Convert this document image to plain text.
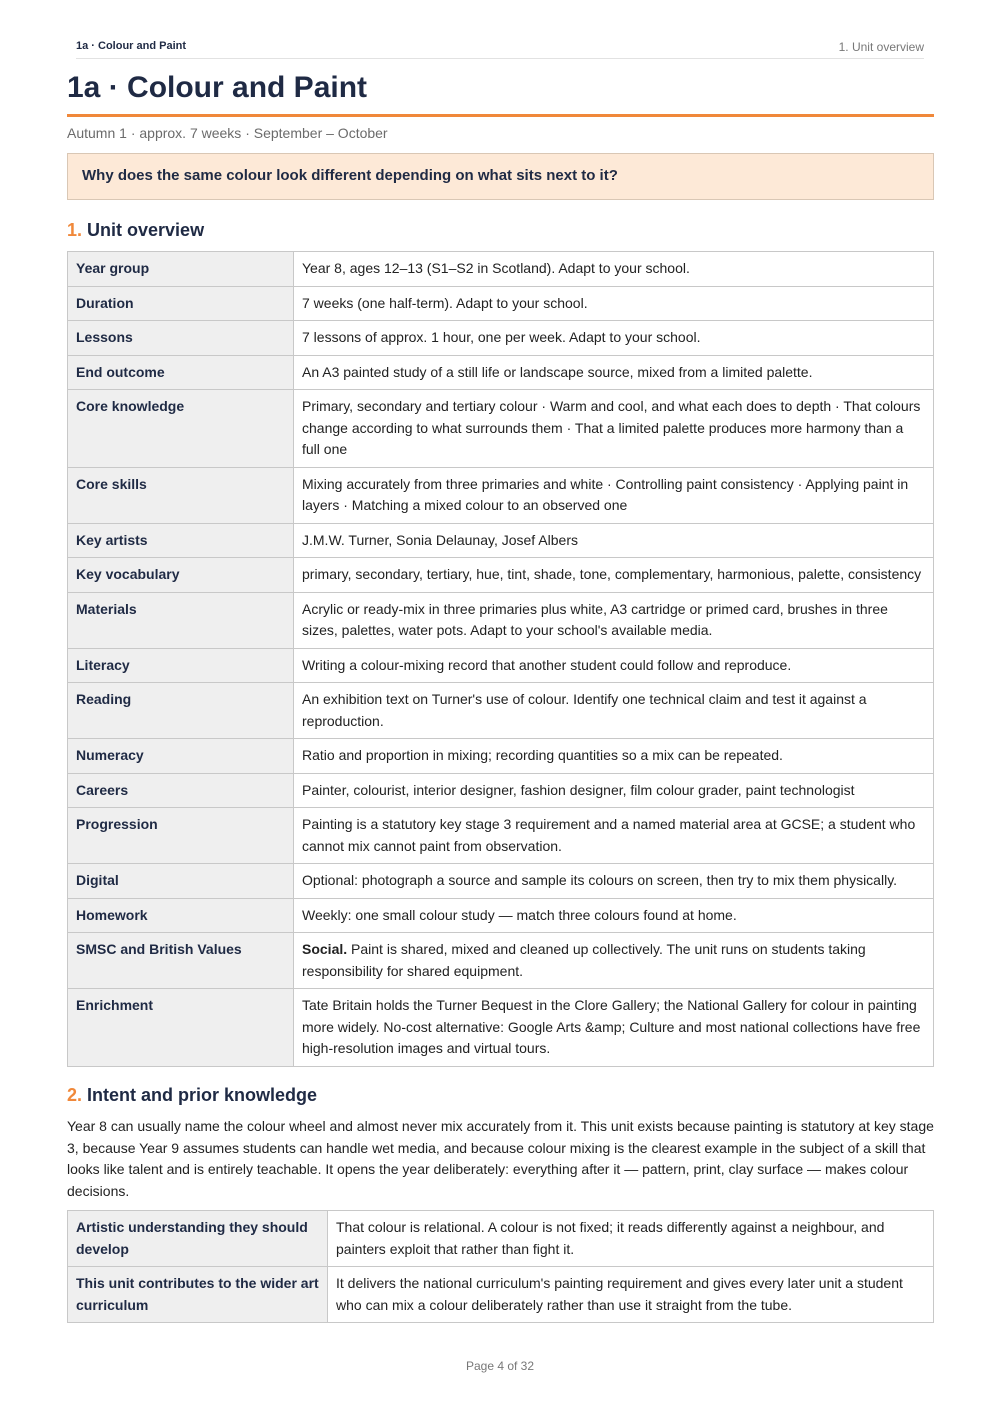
1a · Colour and Paint	1. Unit overview
1a · Colour and Paint
Autumn 1 · approx. 7 weeks · September – October
Why does the same colour look different depending on what sits next to it?
1. Unit overview
Year group	Year 8, ages 12–13 (S1–S2 in Scotland). Adapt to your school.
Duration	7 weeks (one half-term). Adapt to your school.
Lessons	7 lessons of approx. 1 hour, one per week. Adapt to your school.
End outcome	An A3 painted study of a still life or landscape source, mixed from a limited palette.
Core knowledge	Primary, secondary and tertiary colour · Warm and cool, and what each does to depth · That colours change according to what surrounds them · That a limited palette produces more harmony than a full one
Core skills	Mixing accurately from three primaries and white · Controlling paint consistency · Applying paint in layers · Matching a mixed colour to an observed one
Key artists	J.M.W. Turner, Sonia Delaunay, Josef Albers
Key vocabulary	primary, secondary, tertiary, hue, tint, shade, tone, complementary, harmonious, palette, consistency
Materials	Acrylic or ready-mix in three primaries plus white, A3 cartridge or primed card, brushes in three sizes, palettes, water pots. Adapt to your school's available media.
Literacy	Writing a colour-mixing record that another student could follow and reproduce.
Reading	An exhibition text on Turner's use of colour. Identify one technical claim and test it against a reproduction.
Numeracy	Ratio and proportion in mixing; recording quantities so a mix can be repeated.
Careers	Painter, colourist, interior designer, fashion designer, film colour grader, paint technologist
Progression	Painting is a statutory key stage 3 requirement and a named material area at GCSE; a student who cannot mix cannot paint from observation.
Digital	Optional: photograph a source and sample its colours on screen, then try to mix them physically.
Homework	Weekly: one small colour study — match three colours found at home.
SMSC and British Values	Social. Paint is shared, mixed and cleaned up collectively. The unit runs on students taking responsibility for shared equipment.
Enrichment	Tate Britain holds the Turner Bequest in the Clore Gallery; the National Gallery for colour in painting more widely. No-cost alternative: Google Arts &amp; Culture and most national collections have free high-resolution images and virtual tours.
2. Intent and prior knowledge

Year 8 can usually name the colour wheel and almost never mix accurately from it. This unit exists because painting is statutory at key stage 3, because Year 9 assumes students can handle wet media, and because colour mixing is the clearest example in the subject of a skill that looks like talent and is entirely teachable. It opens the year deliberately: everything after it — pattern, print, clay surface — makes colour decisions.

Artistic understanding they should develop	That colour is relational. A colour is not fixed; it reads differently against a neighbour, and painters exploit that rather than fight it.
This unit contributes to the wider art curriculum	It delivers the national curriculum's painting requirement and gives every later unit a student who can mix a colour deliberately rather than use it straight from the tube.
Page 4 of 32
